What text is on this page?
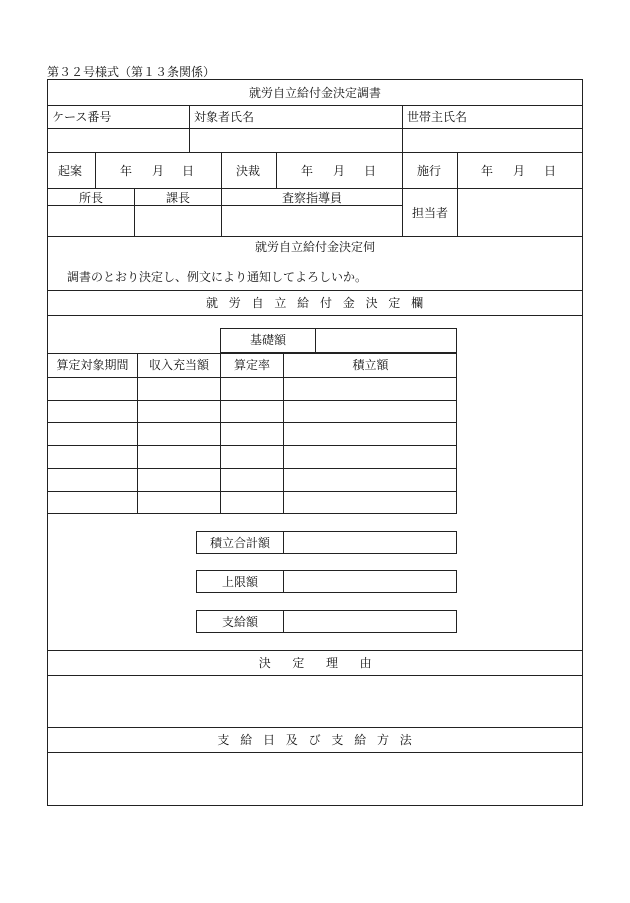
第３２号様式（第１３条関係）
就労自立給付金決定調書
ケース番号	対象者氏名	世帯主氏名
起案	年 月 日	決裁	年 月 日	施行	年 月 日
所長	課長	査察指導員
担当者
就労自立給付金決定伺
調書のとおり決定し、例文により通知してよろしいか。
就労自立給付金決定欄
基礎額
算定対象期間	収入充当額	算定率	積立額
積立合計額
上限額
支給額
決定理由
支給日及び支給方法
